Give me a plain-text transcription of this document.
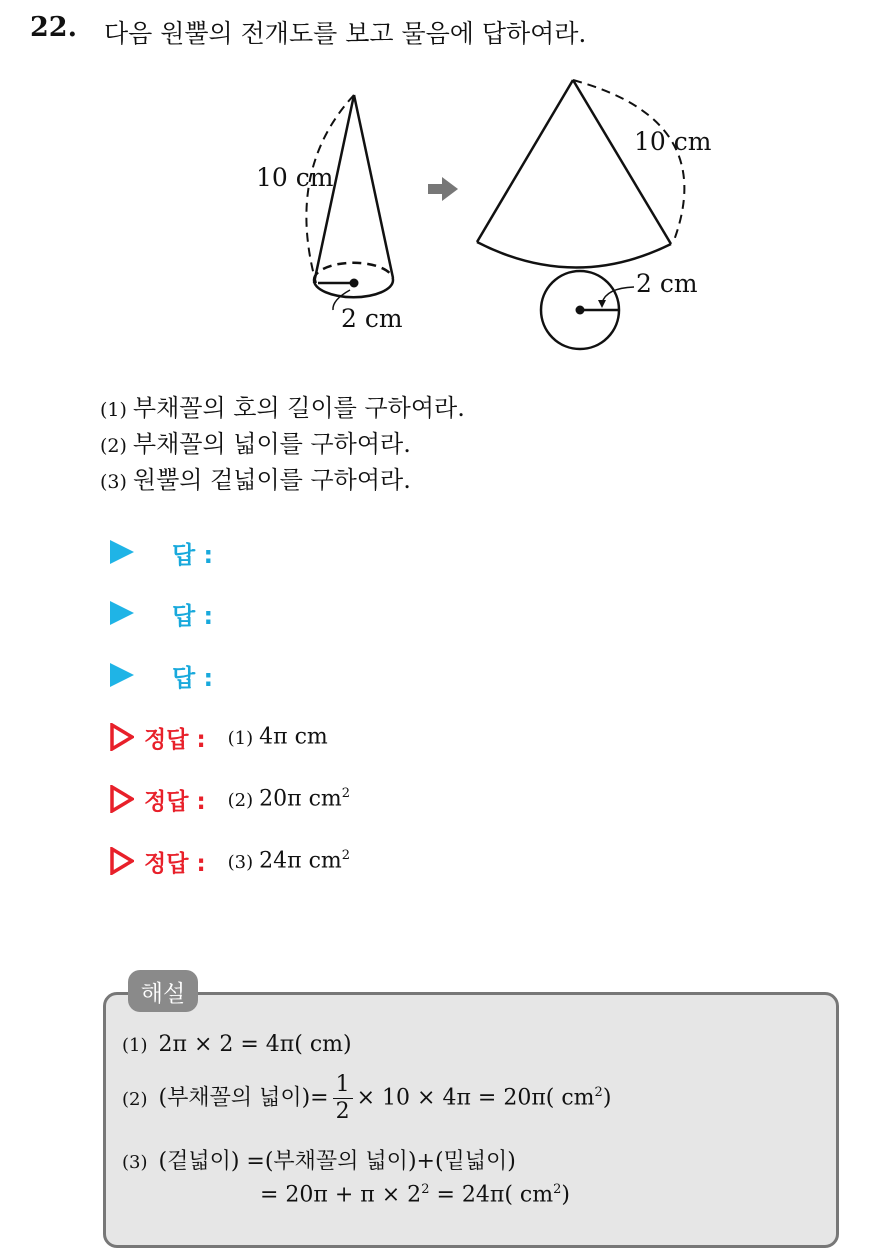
22. 다음 원뿔의 전개도를 보고 물음에 답하여라.
10 cm
2 cm
10 cm
2 cm
(1) 부채꼴의 호의 길이를 구하여라.
(2) 부채꼴의 넓이를 구하여라.
(3) 원뿔의 겉넓이를 구하여라.
답 :
답 :
답 :
정답 : (1) 4π cm
정답 : (2) 20π $cm^2$
정답 : (3) 24π $cm^2$
해설
(1) 2π × 2 = 4π( cm)
(2) (부채꼴의 넓이)= $\frac{1}{2} \times 10 \times 4\pi = 20\pi$( $cm^2$)
(3) (겉넓이) =(부채꼴의 넓이)+(밑넓이)
= $20\pi + \pi \times 2^2 = 24\pi$( $cm^2$)
